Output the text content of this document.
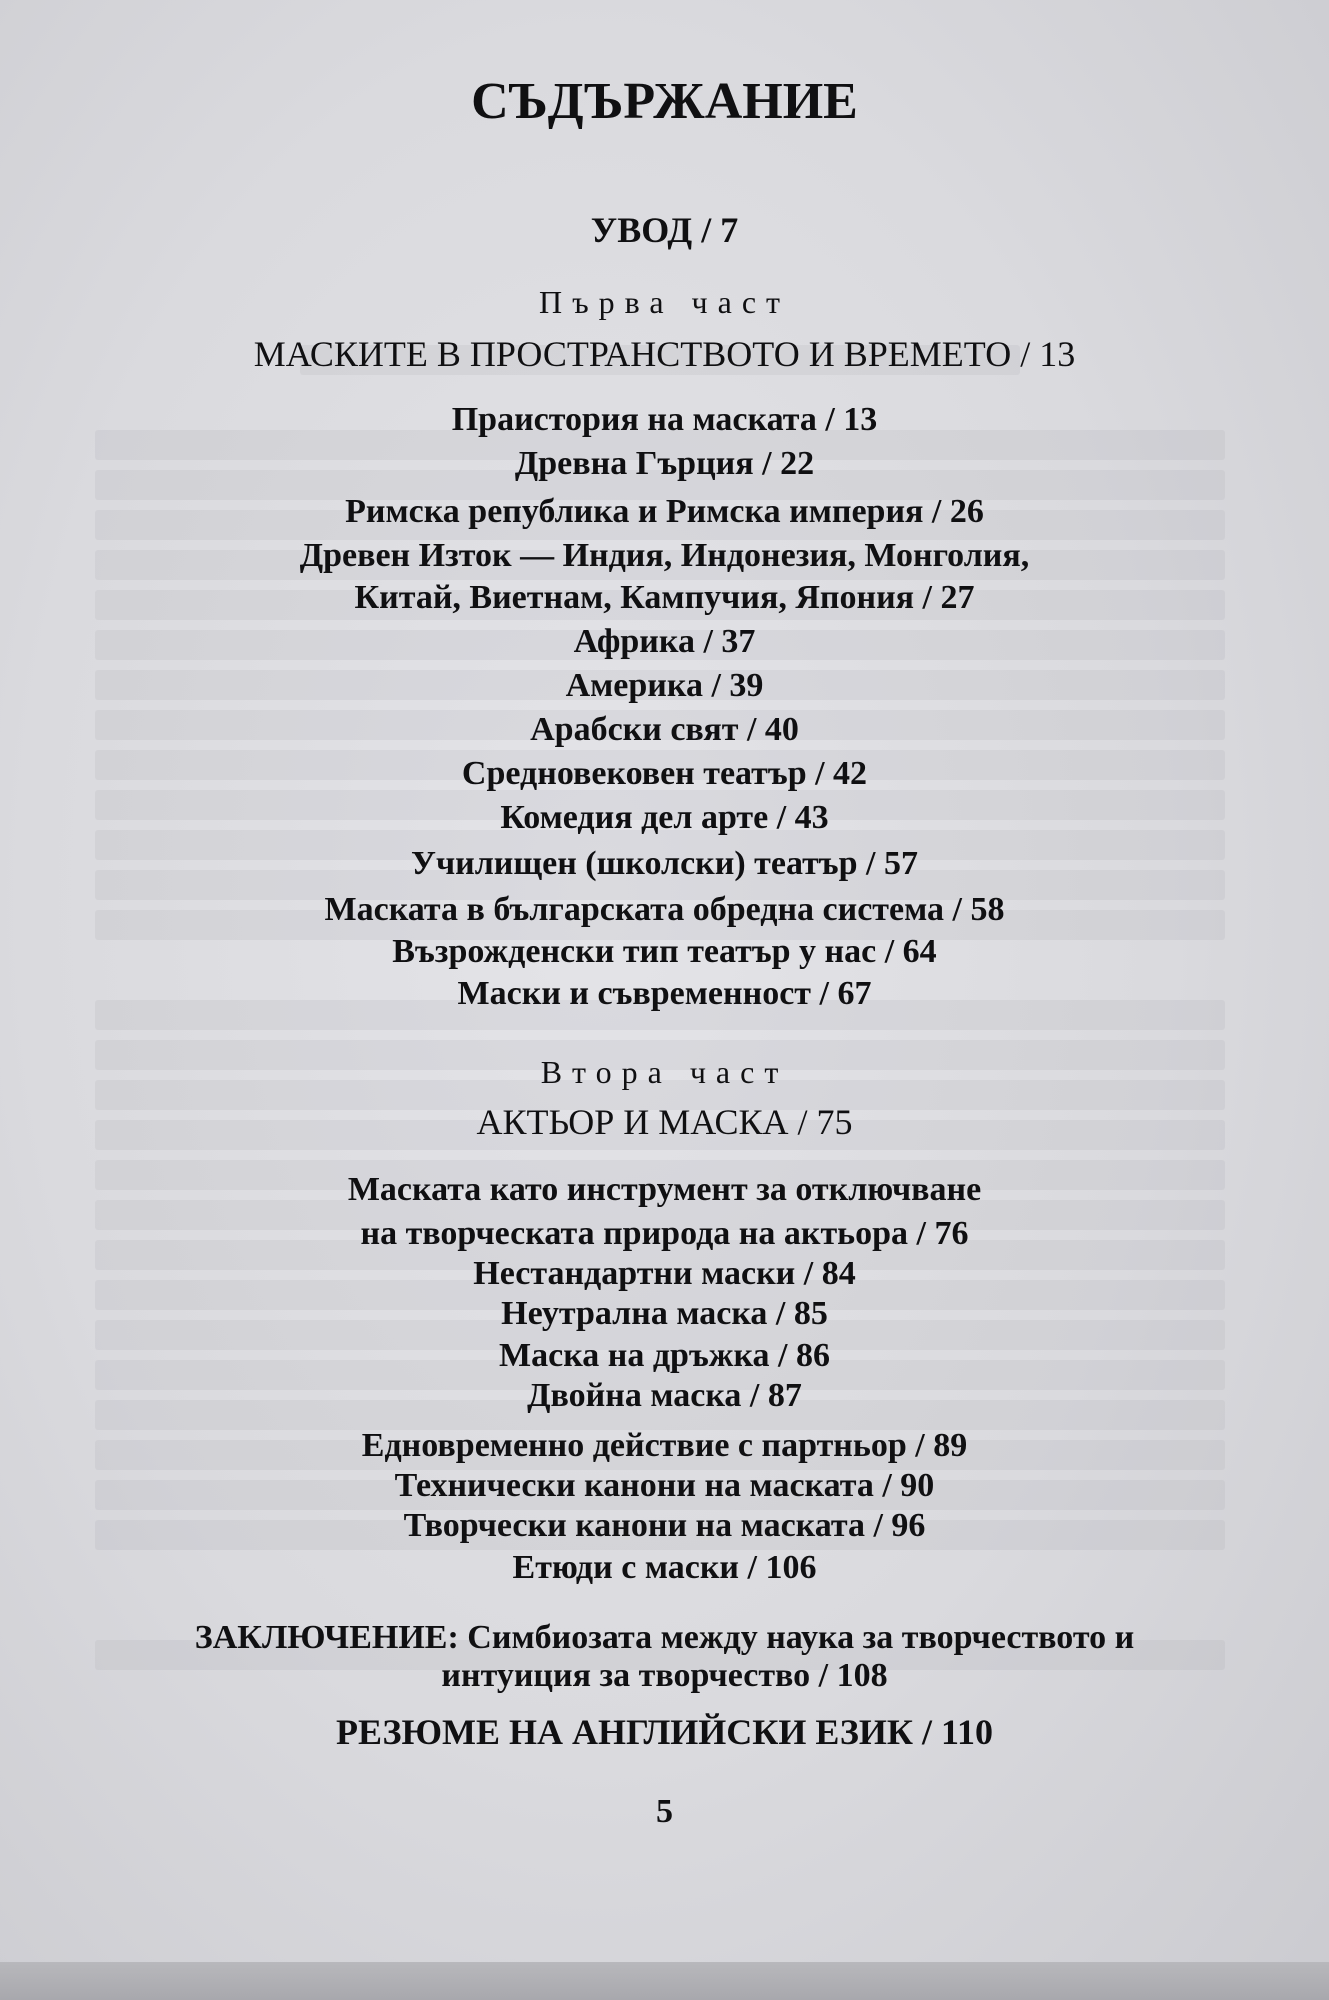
СЪДЪРЖАНИЕ
УВОД / 7
Първа част
МАСКИТЕ В ПРОСТРАНСТВОТО И ВРЕМЕТО / 13
Праистория на маската / 13
Древна Гърция / 22
Римска република и Римска империя / 26
Древен Изток — Индия, Индонезия, Монголия,
Китай, Виетнам, Кампучия, Япония / 27
Африка / 37
Америка / 39
Арабски свят / 40
Средновековен театър / 42
Комедия дел арте / 43
Училищен (школски) театър / 57
Маската в българската обредна система / 58
Възрожденски тип театър у нас / 64
Маски и съвременност / 67
Втора част
АКТЬОР И МАСКА / 75
Маската като инструмент за отключване
на творческата природа на актьора / 76
Нестандартни маски / 84
Неутрална маска / 85
Маска на дръжка / 86
Двойна маска / 87
Едновременно действие с партньор / 89
Технически канони на маската / 90
Творчески канони на маската / 96
Етюди с маски / 106
ЗАКЛЮЧЕНИЕ: Симбиозата между наука за творчеството и
интуиция за творчество / 108
РЕЗЮМЕ НА АНГЛИЙСКИ ЕЗИК / 110
5
